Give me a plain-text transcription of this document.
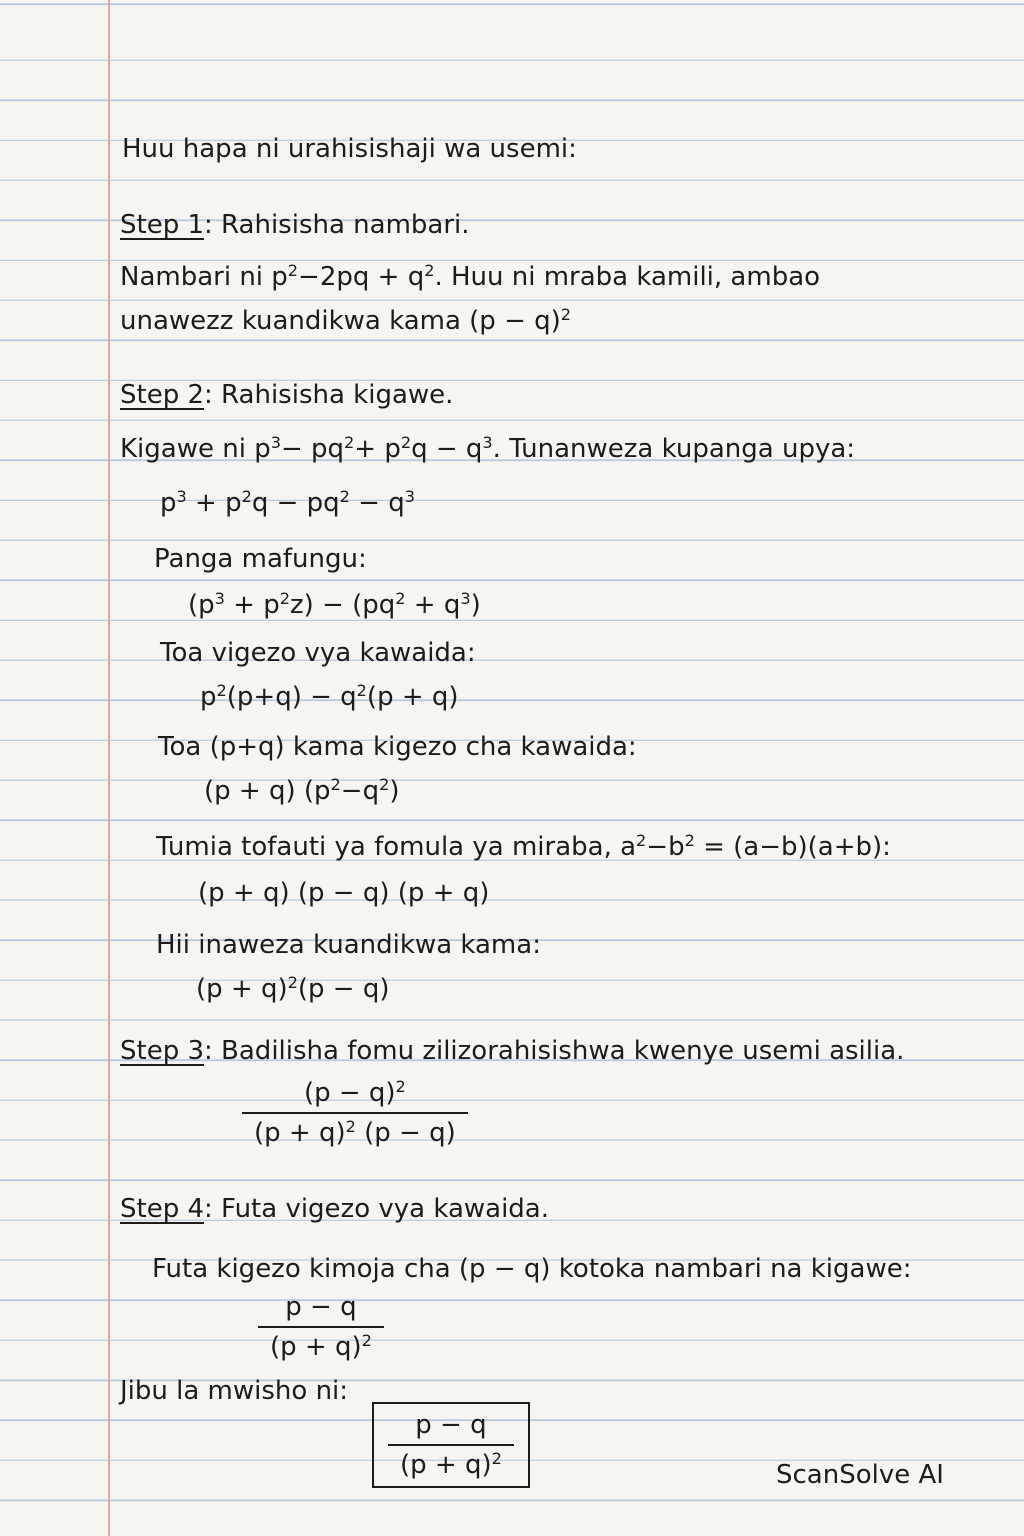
Huu hapa ni urahisishaji wa usemi:
Step 1: Rahisisha nambari.
Nambari ni $p^2-2pq + q^2$. Huu ni mraba kamili, ambao
unawezz kuandikwa kama $(p - q)^2$
Step 2: Rahisisha kigawe.
Kigawe ni $p^3- pq^2+ p^2q - q^3$. Tunanweza kupanga upya:
$p^3 + p^2q - pq^2 - q^3$
Panga mafungu:
$(p^3 + p^2z) - (pq^2 + q^3)$
Toa vigezo vya kawaida:
$p^2(p+q) - q^2(p + q)$
Toa (p+q) kama kigezo cha kawaida:
(p + q) $(p^2-q^2)$
Tumia tofauti ya fomula ya miraba, $a^2-b^2 = (a-b)(a+b)$:
(p + q) (p − q) (p + q)
Hii inaweza kuandikwa kama:
$(p + q)^2(p - q)$
Step 3: Badilisha fomu zilizorahisishwa kwenye usemi asilia.
$(p - q)^2$
$(p + q)^2$ (p − q)
Step 4: Futa vigezo vya kawaida.
Futa kigezo kimoja cha (p − q) kotoka nambari na kigawe:
p − q
$(p + q)^2$
Jibu la mwisho ni:
p − q
$(p + q)^2$
ScanSolve AI
